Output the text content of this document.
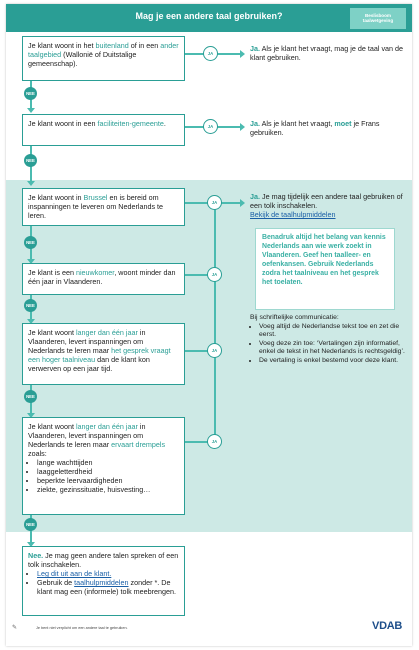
Mag je een andere taal gebruiken?	Beslisboom
taalwetgeving
Je klant woont in het buitenland of in een ander taalgebied (Wallonië of Duitstalige gemeenschap).
JA
Ja. Als je klant het vraagt, mag je de taal van de klant gebruiken.
NEE
Je klant woont in een faciliteiten-gemeente.	JA	Ja. Als je klant het vraagt, moet je Frans gebruiken.
NEE
Je klant woont in Brussel en is bereid om inspanningen te leveren om Nederlands te leren.
JA
NEE
Je klant is een nieuwkomer, woont minder dan één jaar in Vlaanderen.
JA
NEE
Je klant woont langer dan één jaar in Vlaanderen, levert inspanningen om Nederlands te leren maar het gesprek vraagt een hoger taalniveau dan de klant kon verwerven op een jaar tijd.
JA
NEE
Je klant woont langer dan één jaar in Vlaanderen, levert inspanningen om Nederlands te leren maar ervaart drempels zoals:
• lange wachttijden
• laaggeletterdheid
• beperkte leervaardigheden
• ziekte, gezinssituatie, huisvesting…
JA
NEE
Ja. Je mag tijdelijk een andere taal gebruiken of een tolk inschakelen.
Bekijk de taalhulpmiddelen
Benadruk altijd het belang van kennis Nederlands aan wie werk zoekt in Vlaanderen. Geef hen taalleer- en oefenkansen. Gebruik Nederlands zodra het taalniveau en het gesprek het toelaten.
Bij schriftelijke communicatie:
• Voeg altijd de Nederlandse tekst toe en zet die eerst.
• Voeg deze zin toe: ‘Vertalingen zijn informatief, enkel de tekst in het Nederlands is rechtsgeldig’.
• De vertaling is enkel bestemd voor deze klant.
Nee. Je mag geen andere talen spreken of een tolk inschakelen.
• Leg dit uit aan de klant.
• Gebruik de taalhulpmiddelen zonder *. De klant mag een (informele) tolk meebrengen.
✎	Je bent niet verplicht om een andere taal te gebruiken.	VDAB
